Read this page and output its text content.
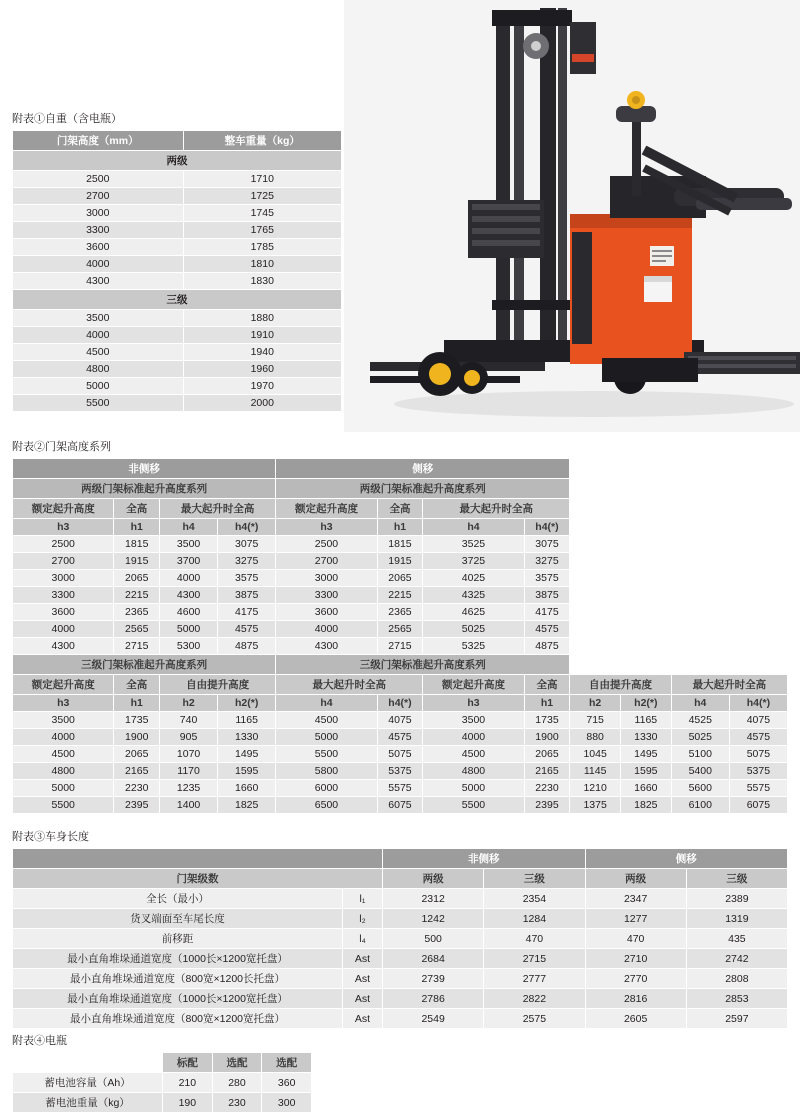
附表①自重（含电瓶）
门架高度（mm）	整车重量（kg）
两级	
2500	1710
2700	1725
3000	1745
3300	1765
3600	1785
4000	1810
4300	1830
三级	
3500	1880
4000	1910
4500	1940
4800	1960
5000	1970
5500	2000
附表②门架高度系列
非侧移				侧移							
两级门架标准起升高度系列				两级门架标准起升高度系列							
额定起升高度	全高	最大起升时全高		额定起升高度	全高	最大起升时全高					
h3	h1	h4	h4(*)	h3	h1	h4	h4(*)				
2500	1815	3500	3075	2500	1815	3525	3075				
2700	1915	3700	3275	2700	1915	3725	3275				
3000	2065	4000	3575	3000	2065	4025	3575				
3300	2215	4300	3875	3300	2215	4325	3875				
3600	2365	4600	4175	3600	2365	4625	4175				
4000	2565	5000	4575	4000	2565	5025	4575				
4300	2715	5300	4875	4300	2715	5325	4875				
三级门架标准起升高度系列				三级门架标准起升高度系列							
额定起升高度	全高	自由提升高度		最大起升时全高		额定起升高度	全高	自由提升高度		最大起升时全高	
h3	h1	h2	h2(*)	h4	h4(*)	h3	h1	h2	h2(*)	h4	h4(*)
3500	1735	740	1165	4500	4075	3500	1735	715	1165	4525	4075
4000	1900	905	1330	5000	4575	4000	1900	880	1330	5025	4575
4500	2065	1070	1495	5500	5075	4500	2065	1045	1495	5100	5075
4800	2165	1170	1595	5800	5375	4800	2165	1145	1595	5400	5375
5000	2230	1235	1660	6000	5575	5000	2230	1210	1660	5600	5575
5500	2395	1400	1825	6500	6075	5500	2395	1375	1825	6100	6075
附表③车身长度
		非侧移		侧移	
门架级数		两级	三级	两级	三级
全长（最小）	l₁	2312	2354	2347	2389
货叉端面至车尾长度	l₂	1242	1284	1277	1319
前移距	l₄	500	470	470	435
最小直角堆垛通道宽度（1000长×1200宽托盘）	Ast	2684	2715	2710	2742
最小直角堆垛通道宽度（800宽×1200长托盘）	Ast	2739	2777	2770	2808
最小直角堆垛通道宽度（1000长×1200宽托盘）	Ast	2786	2822	2816	2853
最小直角堆垛通道宽度（800宽×1200宽托盘）	Ast	2549	2575	2605	2597
附表④电瓶
	标配	选配	选配
蓄电池容量（Ah）	210	280	360
蓄电池重量（kg）	190	230	300
